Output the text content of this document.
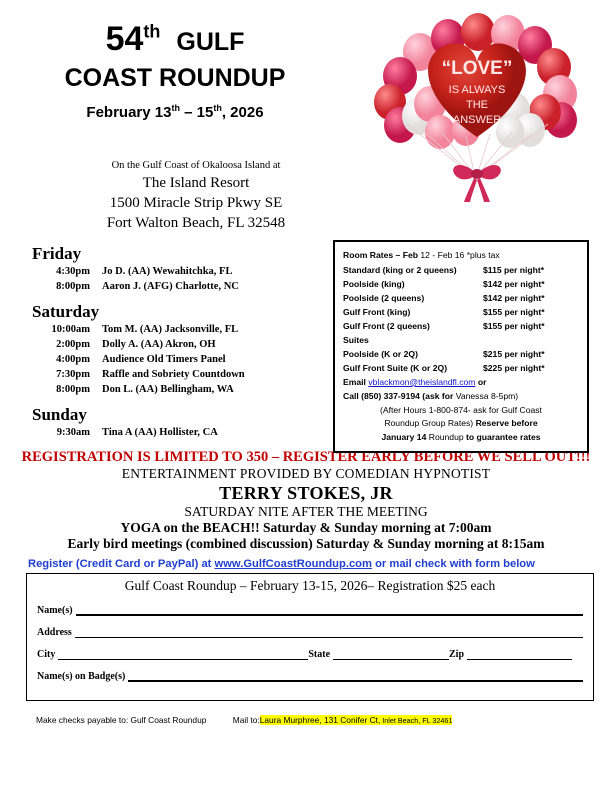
54th GULF
COAST ROUNDUP
February 13th – 15th, 2026
“LOVE”
IS ALWAYS
THE
ANSWER
On the Gulf Coast of Okaloosa Island at
The Island Resort
1500 Miracle Strip Pkwy SE
Fort Walton Beach, FL 32548
Friday
4:30pm	Jo D. (AA) Wewahitchka, FL
8:00pm	Aaron J. (AFG) Charlotte, NC
Saturday
10:00am	Tom M. (AA) Jacksonville, FL
2:00pm	Dolly A. (AA) Akron, OH
4:00pm	Audience Old Timers Panel
7:30pm	Raffle and Sobriety Countdown
8:00pm	Don L. (AA) Bellingham, WA
Sunday
9:30am	Tina A (AA) Hollister, CA
Room Rates – Feb 12 - Feb 16 *plus tax
Standard (king or 2 queens)	$115 per night*
Poolside (king)	$142 per night*
Poolside (2 queens)	$142 per night*
Gulf Front (king)	$155 per night*
Gulf Front (2 queens)	$155 per night*
Suites
Poolside (K or 2Q)	$215 per night*
Gulf Front Suite (K or 2Q)	$225 per night*
Email vblackmon@theislandfl.com or
Call (850) 337-9194 (ask for Vanessa 8-5pm)
(After Hours 1-800-874- ask for Gulf Coast
Roundup Group Rates) Reserve before
January 14 Roundup to guarantee rates
REGISTRATION IS LIMITED TO 350 – REGISTER EARLY BEFORE WE SELL OUT!!!
ENTERTAINMENT PROVIDED BY COMEDIAN HYPNOTIST
TERRY STOKES, JR
SATURDAY NITE AFTER THE MEETING
YOGA on the BEACH!! Saturday & Sunday morning at 7:00am
Early bird meetings (combined discussion) Saturday & Sunday morning at 8:15am
Register (Credit Card or PayPal) at www.GulfCoastRoundup.com or mail check with form below
Gulf Coast Roundup – February 13-15, 2026– Registration $25 each
Name(s)
Address
City	State	Zip
Name(s) on Badge(s)
Make checks payable to: Gulf Coast Roundup	Mail to:Laura Murphree, 131 Conifer Ct, Inlet Beach, FL 32461
